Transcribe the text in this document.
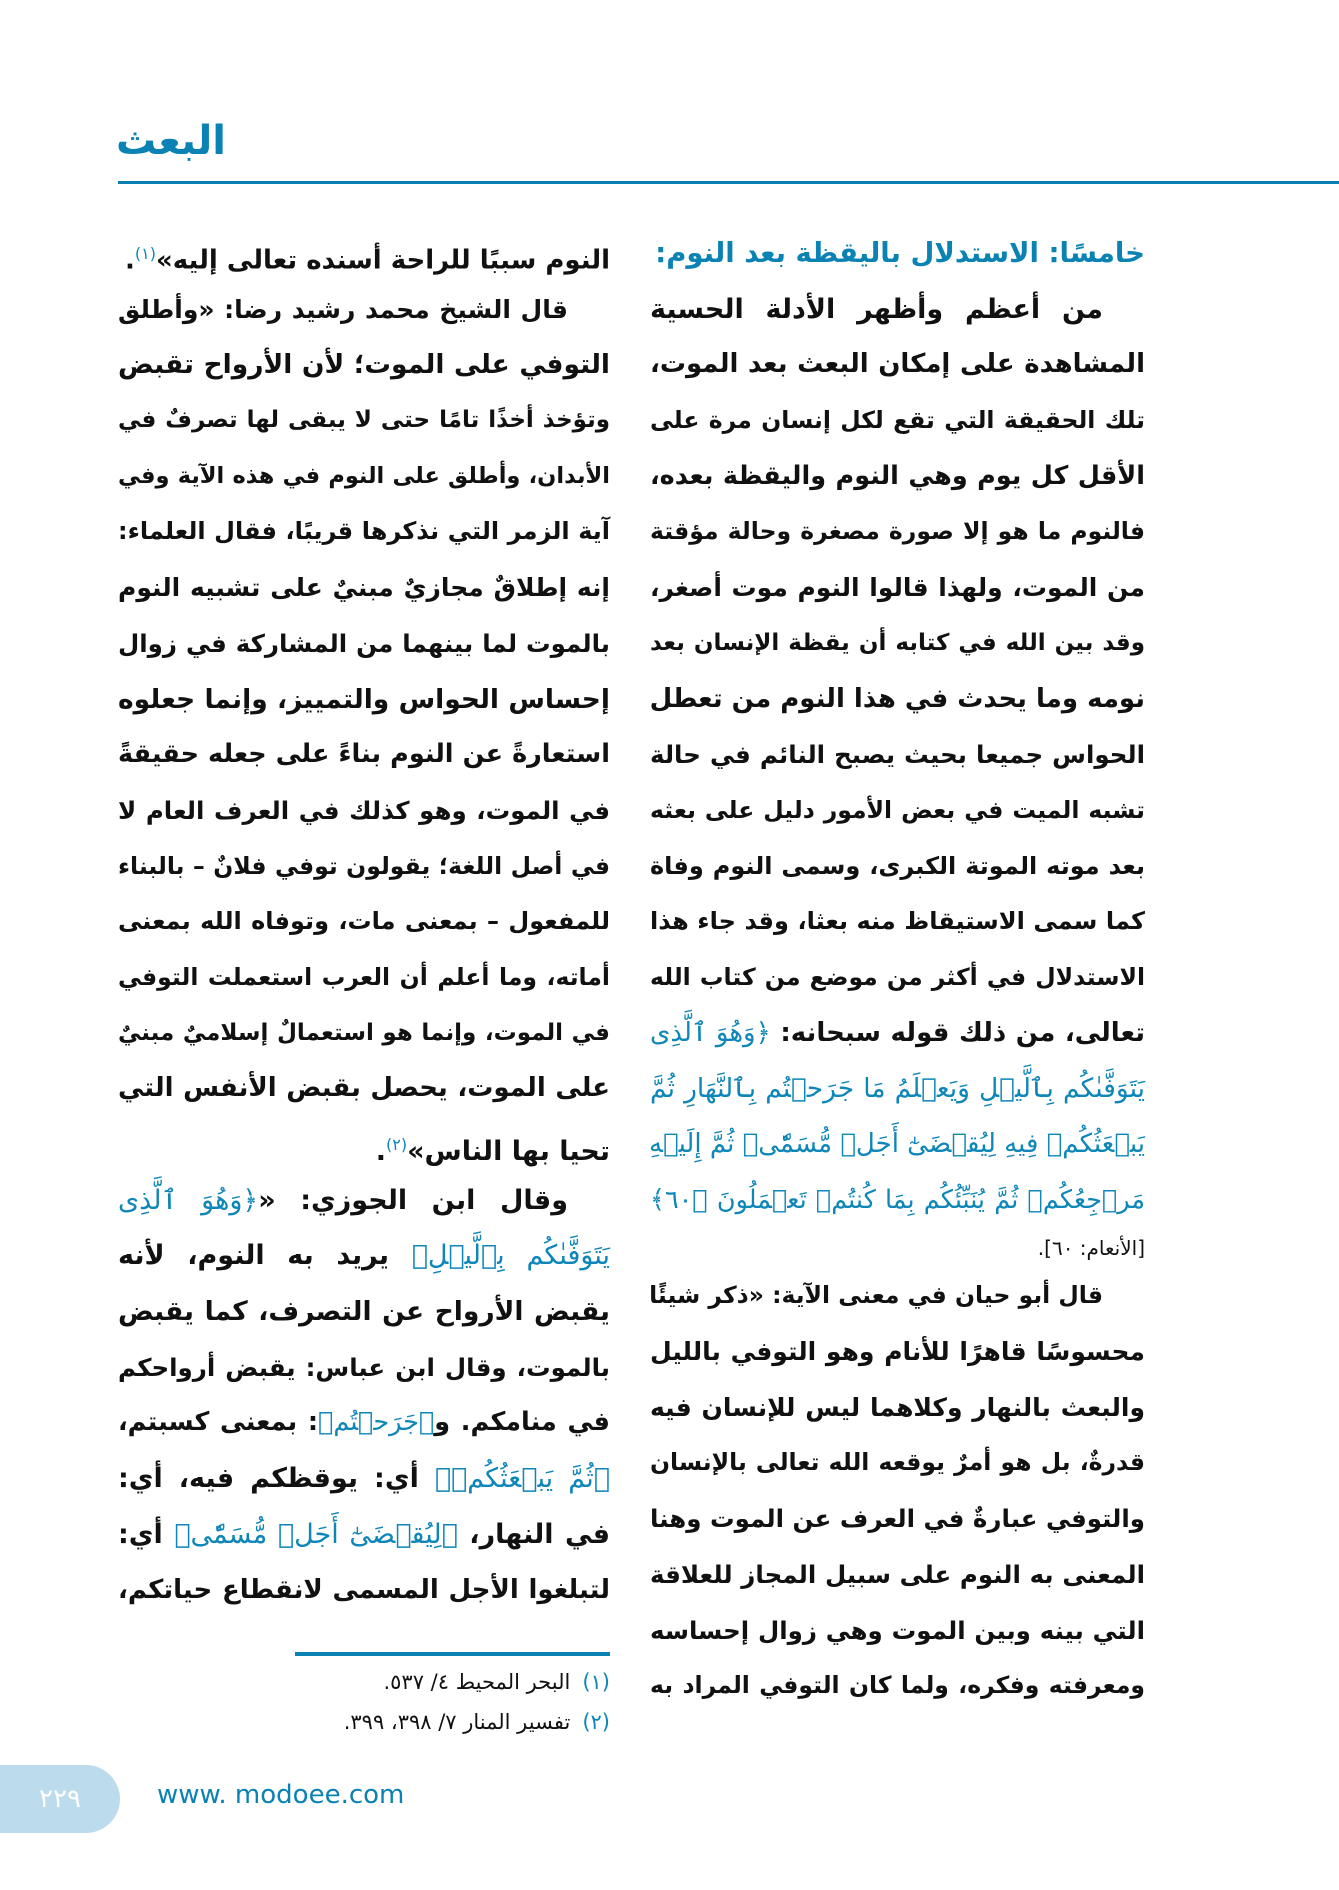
البعث
خامسًا: الاستدلال باليقظة بعد النوم:
من أعظم وأظهر الأدلة الحسية
المشاهدة على إمكان البعث بعد الموت،
تلك الحقيقة التي تقع لكل إنسان مرة على
الأقل كل يوم وهي النوم واليقظة بعده،
فالنوم ما هو إلا صورة مصغرة وحالة مؤقتة
من الموت، ولهذا قالوا النوم موت أصغر،
وقد بين الله في كتابه أن يقظة الإنسان بعد
نومه وما يحدث في هذا النوم من تعطل
الحواس جميعا بحيث يصبح النائم في حالة
تشبه الميت في بعض الأمور دليل على بعثه
بعد موته الموتة الكبرى، وسمى النوم وفاة
كما سمى الاستيقاظ منه بعثا، وقد جاء هذا
الاستدلال في أكثر من موضع من كتاب الله
تعالى، من ذلك قوله سبحانه: ﴿وَهُوَ ٱلَّذِى
يَتَوَفَّىٰكُم بِٱلَّيۡلِ وَيَعۡلَمُ مَا جَرَحۡتُم بِٱلنَّهَارِ ثُمَّ
يَبۡعَثُكُمۡ فِيهِ لِيُقۡضَىٰٓ أَجَلٞ مُّسَمّٗىۖ ثُمَّ إِلَيۡهِ
مَرۡجِعُكُمۡ ثُمَّ يُنَبِّئُكُم بِمَا كُنتُمۡ تَعۡمَلُونَ ﴿٦٠﴾
[الأنعام: ٦٠].
قال أبو حيان في معنى الآية: «ذكر شيئًا
محسوسًا قاهرًا للأنام وهو التوفي بالليل
والبعث بالنهار وكلاهما ليس للإنسان فيه
قدرةٌ، بل هو أمرٌ يوقعه الله تعالى بالإنسان
والتوفي عبارةٌ في العرف عن الموت وهنا
المعنى به النوم على سبيل المجاز للعلاقة
التي بينه وبين الموت وهي زوال إحساسه
ومعرفته وفكره، ولما كان التوفي المراد به
النوم سببًا للراحة أسنده تعالى إليه»$^{(١)}$.
قال الشيخ محمد رشيد رضا: «وأطلق
التوفي على الموت؛ لأن الأرواح تقبض
وتؤخذ أخذًا تامًا حتى لا يبقى لها تصرفٌ في
الأبدان، وأطلق على النوم في هذه الآية وفي
آية الزمر التي نذكرها قريبًا، فقال العلماء:
إنه إطلاقٌ مجازيٌ مبنيٌ على تشبيه النوم
بالموت لما بينهما من المشاركة في زوال
إحساس الحواس والتمييز، وإنما جعلوه
استعارةً عن النوم بناءً على جعله حقيقةً
في الموت، وهو كذلك في العرف العام لا
في أصل اللغة؛ يقولون توفي فلانٌ – بالبناء
للمفعول – بمعنى مات، وتوفاه الله بمعنى
أماته، وما أعلم أن العرب استعملت التوفي
في الموت، وإنما هو استعمالٌ إسلاميٌ مبنيٌ
على الموت، يحصل بقبض الأنفس التي
تحيا بها الناس»$^{(٢)}$.
وقال ابن الجوزي: «﴿وَهُوَ ٱلَّذِى
يَتَوَفَّىٰكُم بِٱلَّيۡلِ﴾ يريد به النوم، لأنه
يقبض الأرواح عن التصرف، كما يقبض
بالموت، وقال ابن عباس: يقبض أرواحكم
في منامكم. و﴿جَرَحۡتُم﴾: بمعنى كسبتم،
﴿ثُمَّ يَبۡعَثُكُمۡ﴾ أي: يوقظكم فيه، أي:
في النهار، ﴿لِيُقۡضَىٰٓ أَجَلٞ مُّسَمّٗى﴾ أي:
لتبلغوا الأجل المسمى لانقطاع حياتكم،
(١)البحر المحيط ٤/ ٥٣٧.
(٢)تفسير المنار ٧/ ٣٩٨، ٣٩٩.
٢٢٩	www. modoee.com
